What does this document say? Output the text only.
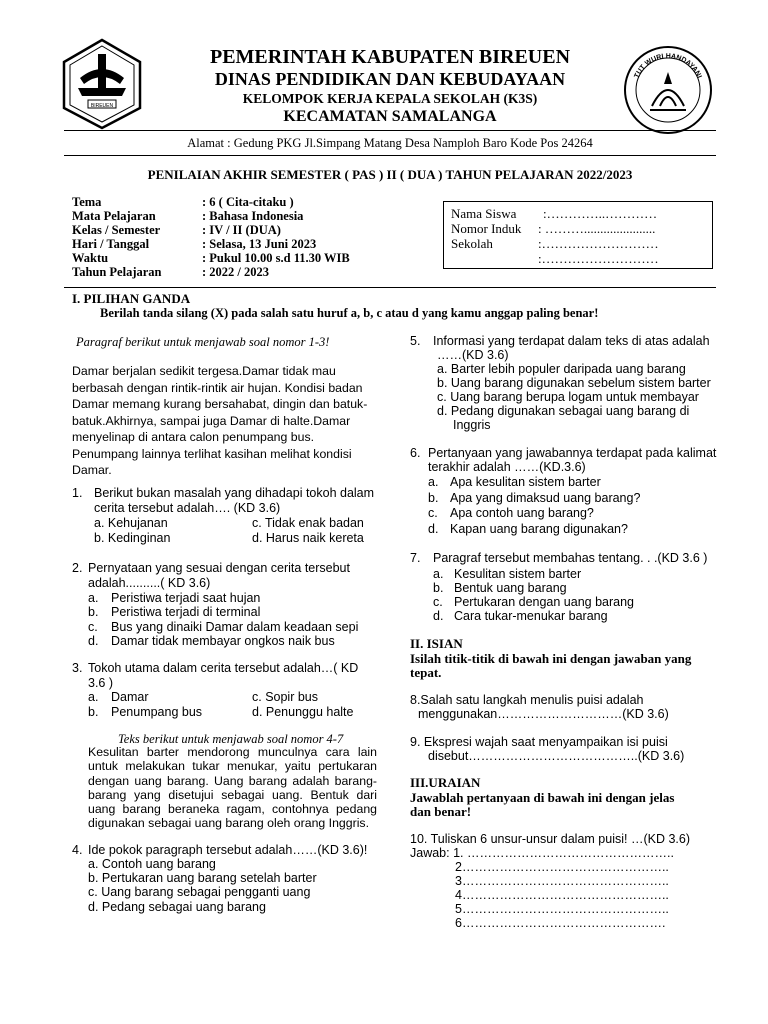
BIREUEN
TUT WURI HANDAYANI
PEMERINTAH KABUPATEN BIREUEN
DINAS PENDIDIKAN DAN KEBUDAYAAN
KELOMPOK KERJA KEPALA SEKOLAH (K3S)
KECAMATAN SAMALANGA
Alamat : Gedung PKG Jl.Simpang Matang Desa Namploh Baro Kode Pos 24264
PENILAIAN AKHIR SEMESTER ( PAS ) II ( DUA ) TAHUN PELAJARAN 2022/2023
Tema	: 6 ( Cita-citaku )
Mata Pelajaran	: Bahasa Indonesia
Kelas / Semester	: IV / II (DUA)
Hari / Tanggal	: Selasa, 13 Juni 2023
Waktu	: Pukul 10.00 s.d 11.30 WIB
Tahun Pelajaran	: 2022 / 2023
Nama Siswa :…………..…………
Nomor Induk : ………......................
Sekolah	:………………………
:………………………
I. PILIHAN GANDA
Berilah tanda silang (X) pada salah satu huruf a, b, c atau d yang kamu anggap paling benar!
Paragraf berikut untuk menjawab soal nomor 1-3!
Damar berjalan sedikit tergesa.Damar tidak mau berbasah dengan rintik-rintik air hujan. Kondisi badan Damar memang kurang bersahabat, dingin dan batuk-batuk.Akhirnya, sampai juga Damar di halte.Damar menyelinap di antara calon penumpang bus. Penumpang lainnya terlihat kasihan melihat kondisi Damar.
1. Berikut bukan masalah yang dihadapi tokoh dalam
cerita tersebut adalah…. (KD 3.6)
a. Kehujanan	c. Tidak enak badan
b. Kedinginan	d. Harus naik kereta
2. Pernyataan yang sesuai dengan cerita tersebut
adalah..........( KD 3.6)
a. Peristiwa terjadi saat hujan
b. Peristiwa terjadi di terminal
c. Bus yang dinaiki Damar dalam keadaan sepi
d. Damar tidak membayar ongkos naik bus
3. Tokoh utama dalam cerita tersebut adalah…( KD
3.6 )
a. Damar	c. Sopir bus
b. Penumpang bus	d. Penunggu halte
Teks berikut untuk menjawab soal nomor 4-7
Kesulitan barter mendorong munculnya cara lain untuk melakukan tukar menukar, yaitu pertukaran dengan uang barang. Uang barang adalah barang-barang yang disetujui sebagai uang. Bentuk dari uang barang beraneka ragam, contohnya pedang digunakan sebagai uang barang oleh orang Inggris.
4. Ide pokok paragraph tersebut adalah……(KD 3.6)!
a. Contoh uang barang
b. Pertukaran uang barang setelah barter
c. Uang barang sebagai pengganti uang
d. Pedang sebagai uang barang
5. Informasi yang terdapat dalam teks di atas adalah
……(KD 3.6)
a. Barter lebih populer daripada uang barang
b. Uang barang digunakan sebelum sistem barter
c. Uang barang berupa logam untuk membayar
d. Pedang digunakan sebagai uang barang di
Inggris
6. Pertanyaan yang jawabannya terdapat pada kalimat
terakhir adalah ……(KD.3.6)
a. Apa kesulitan sistem barter
b. Apa yang dimaksud uang barang?
c. Apa contoh uang barang?
d. Kapan uang barang digunakan?
7. Paragraf tersebut membahas tentang. . .(KD 3.6 )
a. Kesulitan sistem barter
b. Bentuk uang barang
c. Pertukaran dengan uang barang
d. Cara tukar-menukar barang
II. ISIAN
Isilah titik-titik di bawah ini dengan jawaban yang
tepat.
8.Salah satu langkah menulis puisi adalah
menggunakan…………………………(KD 3.6)
9. Ekspresi wajah saat menyampaikan isi puisi
disebut…………………………………..(KD 3.6)
III.URAIAN
Jawablah pertanyaan di bawah ini dengan jelas
dan benar!
10. Tuliskan 6 unsur-unsur dalam puisi! …(KD 3.6)
Jawab: 1. …………………………………………..
2…………………………………………..
3…………………………………………..
4…………………………………………..
5…………………………………………..
6………………………………………….
